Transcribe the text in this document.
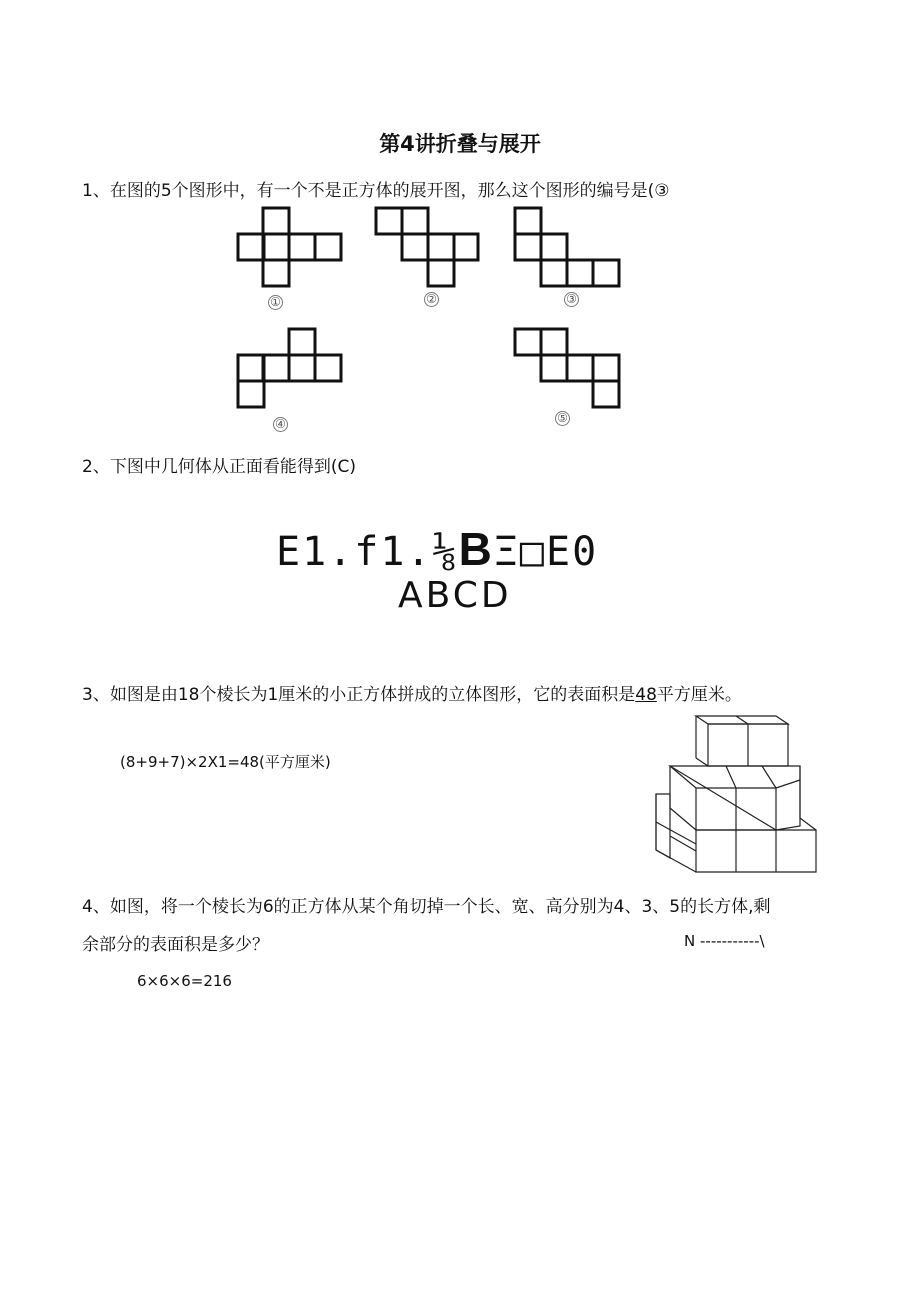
第4讲折叠与展开
1、在图的5个图形中，有一个不是正方体的展开图，那么这个图形的编号是(③
①	②	③
④	⑤
2、下图中几何体从正面看能得到(C)
E1.f1.⅛BΞ□E0
ABCD
3、如图是由18个棱长为1厘米的小正方体拼成的立体图形，它的表面积是48平方厘米。
(8+9+7)×2X1=48(平方厘米)
4、如图，将一个棱长为6的正方体从某个角切掉一个长、宽、高分别为4、3、5的长方体,剩
余部分的表面积是多少？	N -----------\
6×6×6=216
